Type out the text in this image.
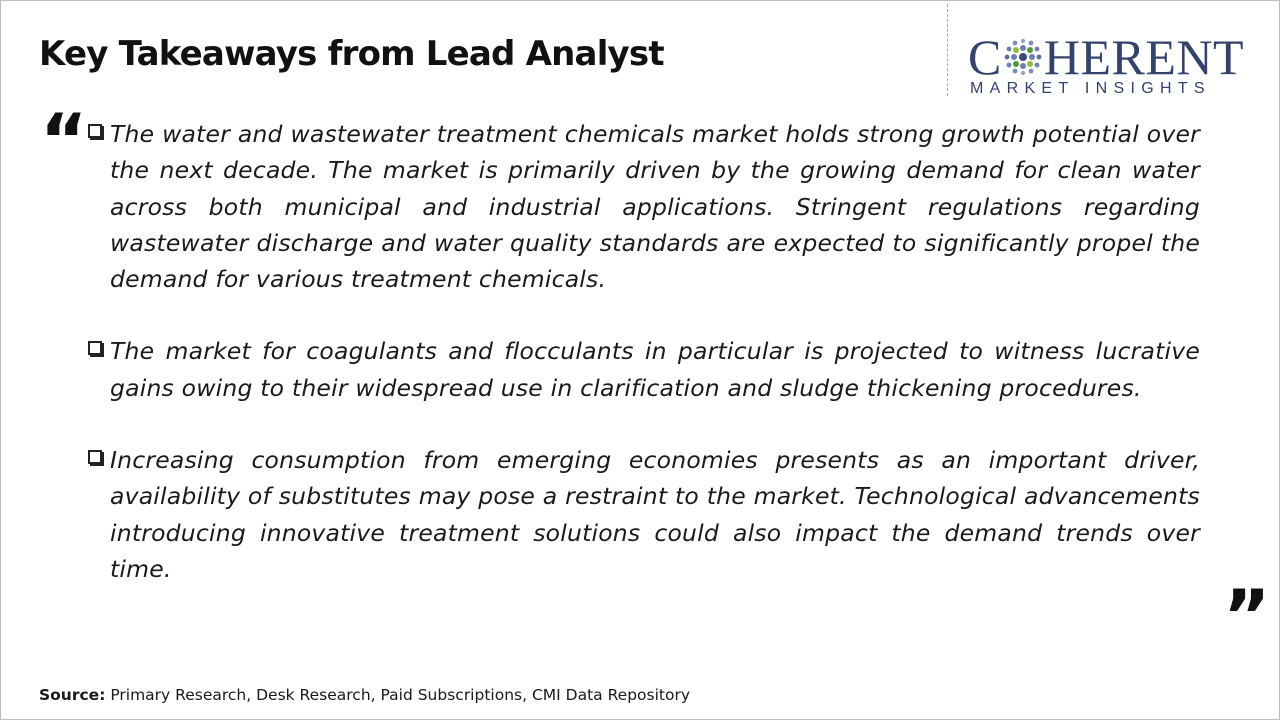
Key Takeaways from Lead Analyst	C HERENT
MARKET INSIGHTS
“ The water and wastewater treatment chemicals market holds strong growth potential over the next decade. The market is primarily driven by the growing demand for clean water across both municipal and industrial applications. Stringent regulations regarding wastewater discharge and water quality standards are expected to significantly propel the demand for various treatment chemicals.
The market for coagulants and flocculants in particular is projected to witness lucrative gains owing to their widespread use in clarification and sludge thickening procedures.
Increasing consumption from emerging economies presents as an important driver, availability of substitutes may pose a restraint to the market. Technological advancements introducing innovative treatment solutions could also impact the demand trends over time.
”
Source: Primary Research, Desk Research, Paid Subscriptions, CMI Data Repository
